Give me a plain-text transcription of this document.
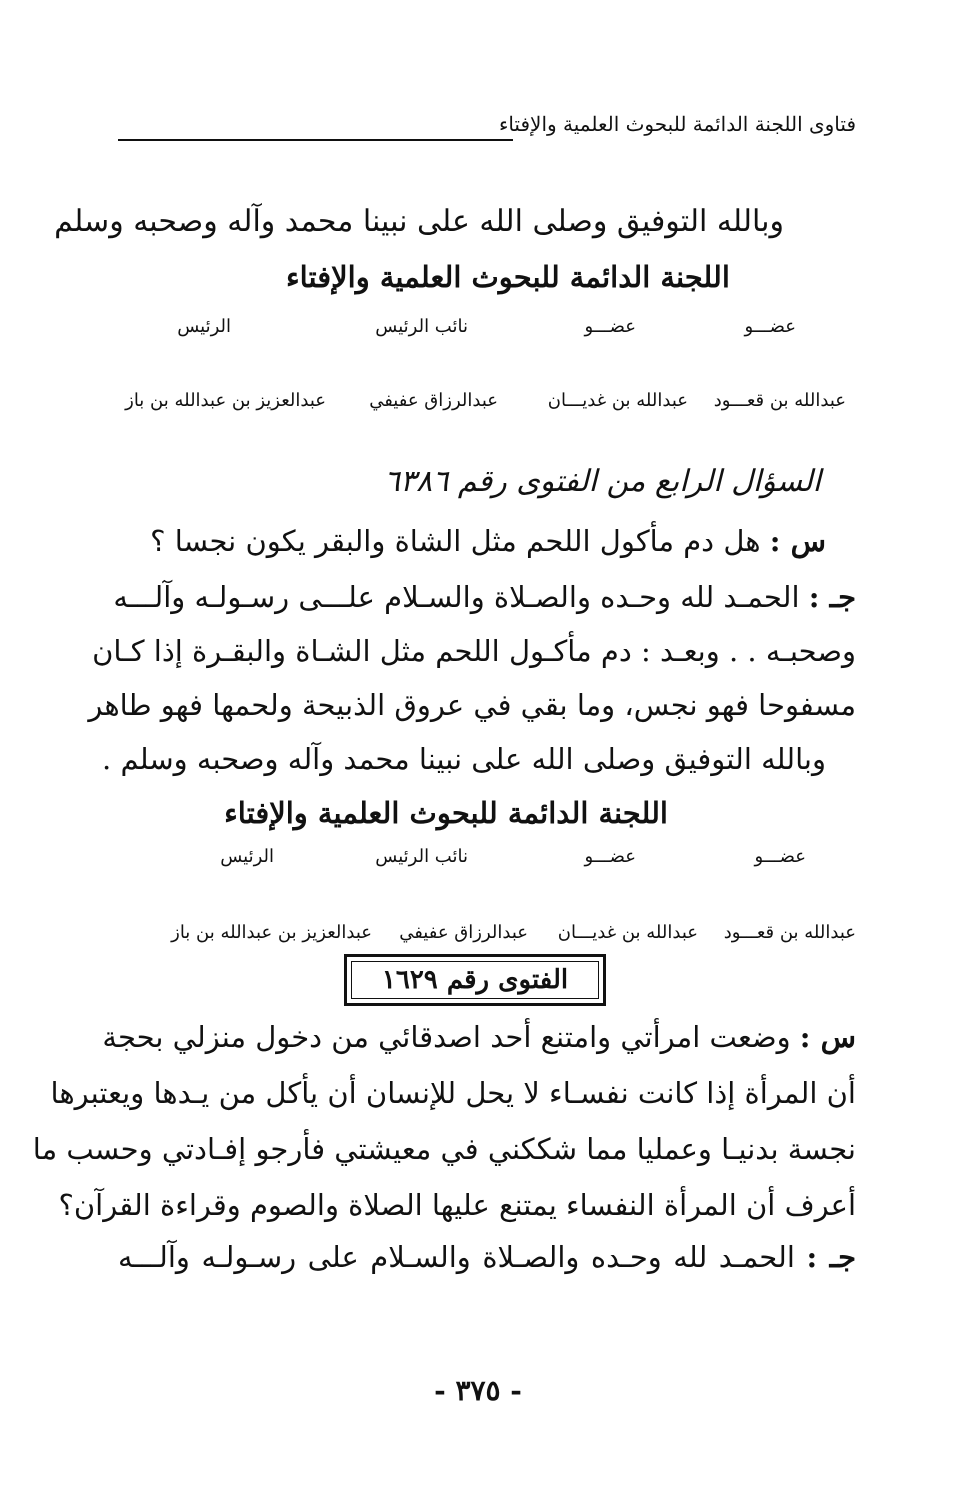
فتاوى اللجنة الدائمة للبحوث العلمية والإفتاء
وبالله التوفيق وصلى الله على نبينا محمد وآله وصحبه وسلم
اللجنة الدائمة للبحوث العلمية والإفتاء
عضـــو
عضـــو
نائب الرئيس
الرئيس
عبدالله بن قعـــود
عبدالله بن غديـــان
عبدالرزاق عفيفي
عبدالعزيز بن عبدالله بن باز
السؤال الرابع من الفتوى رقم ٦٣٨٦
س : هل دم مأكول اللحم مثل الشاة والبقر يكون نجسا ؟
جـ : الحمـد لله وحـده والصـلاة والسـلام علـــى رسـولـه وآلـــه
وصحبـه . . وبعـد : دم مأكـول اللحم مثل الشـاة والبقـرة إذا كـان
مسفوحا فهو نجس، وما بقي في عروق الذبيحة ولحمها فهو طاهر
وبالله التوفيق وصلى الله على نبينا محمد وآله وصحبه وسلم .
اللجنة الدائمة للبحوث العلمية والإفتاء
عضـــو
عضـــو
نائب الرئيس
الرئيس
عبدالله بن قعـــود
عبدالله بن غديـــان
عبدالرزاق عفيفي
عبدالعزيز بن عبدالله بن باز
الفتوى رقم ١٦٢٩
س : وضعت امرأتي وامتنع أحد اصدقائي من دخول منزلي بحجة
أن المرأة إذا كانت نفسـاء لا يحل للإنسان أن يأكل من يـدها ويعتبرها
نجسة بدنيـا وعمليا مما شككني في معيشتي فأرجو إفـادتي وحسب ما
أعرف أن المرأة النفساء يمتنع عليها الصلاة والصوم وقراءة القرآن؟
جـ : الحمـد لله وحـده والصـلاة والسـلام على رسـولـه وآلـــه
- ٣٧٥ -
